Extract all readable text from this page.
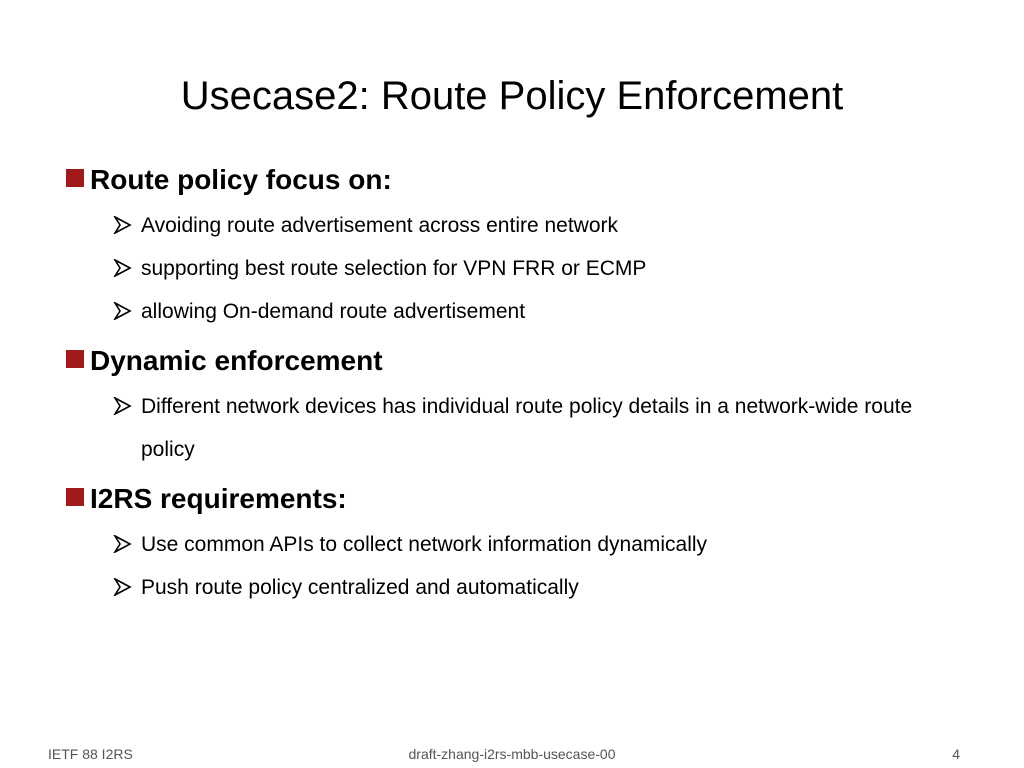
Usecase2: Route Policy Enforcement
Route policy focus on:
Avoiding route advertisement across entire network
supporting best route selection for VPN FRR or ECMP
allowing On-demand route advertisement
Dynamic enforcement
Different network devices has individual route policy details in a network-wide route policy
I2RS requirements:
Use common APIs to collect network information dynamically
Push route policy centralized and automatically
IETF 88 I2RS	draft-zhang-i2rs-mbb-usecase-00	4
